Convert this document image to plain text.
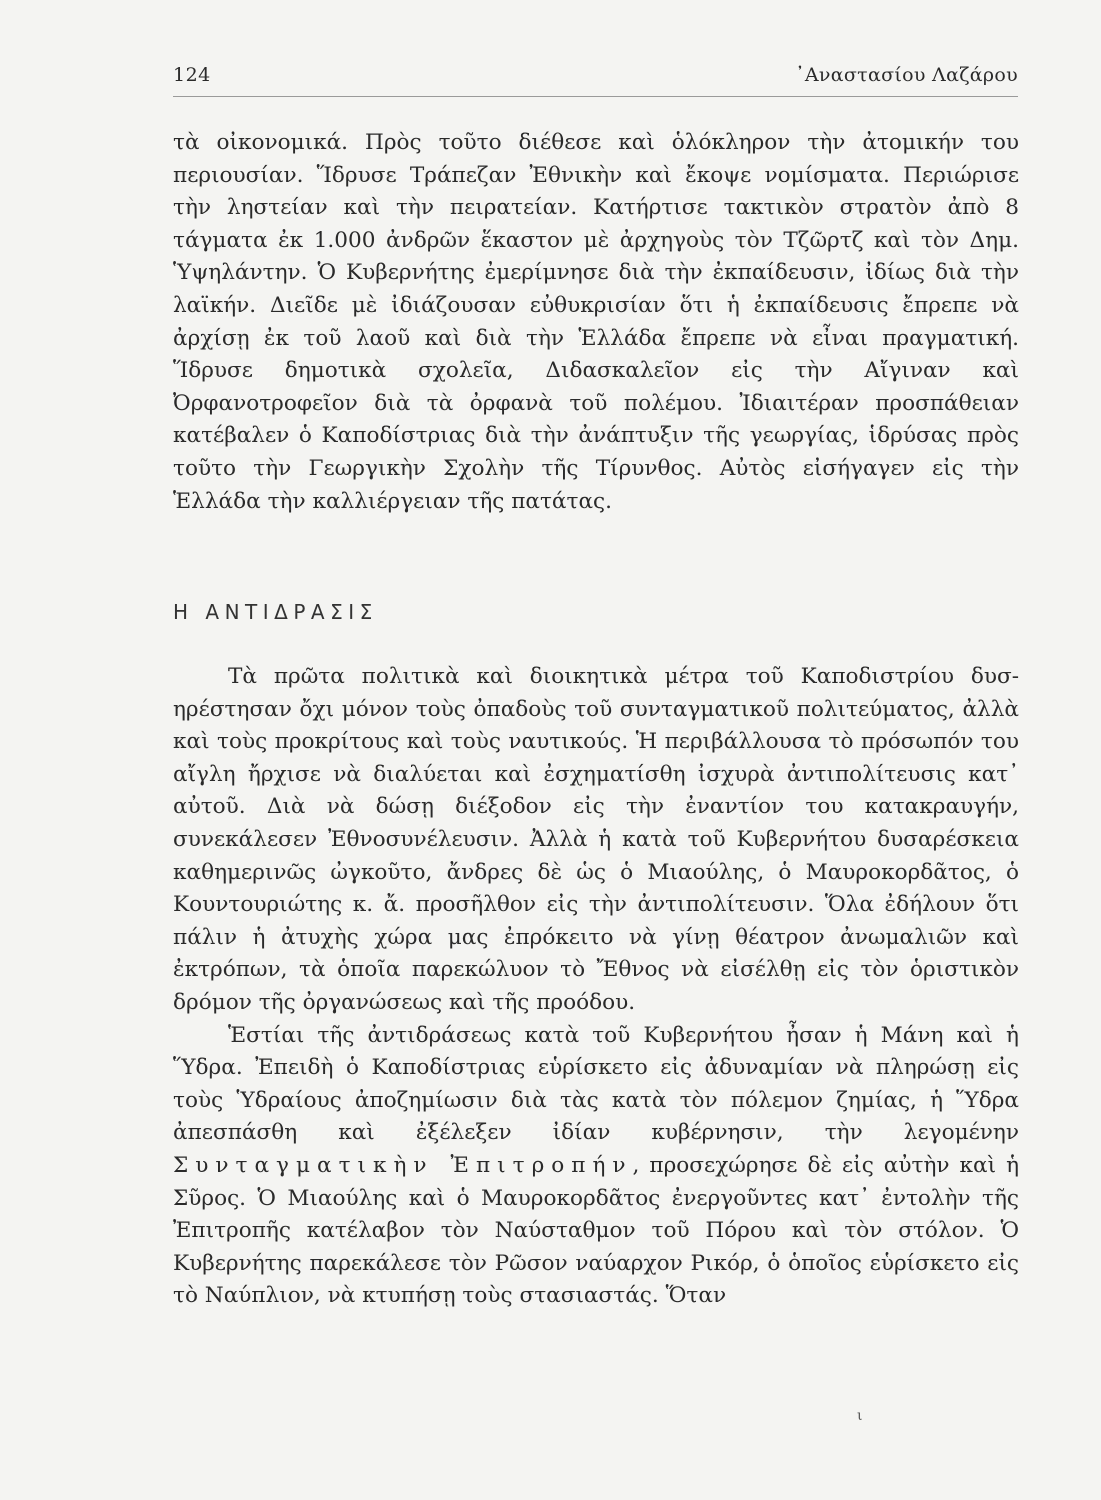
124	᾿Αναστασίου Λαζάρου

τὰ οἰκονομικά. Πρὸς τοῦτο διέθεσε καὶ ὁλόκληρον τὴν ἀτομικήν του περιουσίαν. Ἵδρυσε Τράπεζαν Ἐθνικὴν καὶ ἔκοψε νομίσματα. Περιώρισε τὴν ληστείαν καὶ τὴν πειρατείαν. Κατήρτισε τακτικὸν στρατὸν ἀπὸ 8 τάγματα ἐκ 1.000 ἀνδρῶν ἕκαστον μὲ ἀρχηγοὺς τὸν Τζῶρτζ καὶ τὸν Δημ. Ὑψηλάντην. Ὁ Κυβερνήτης ἐμερίμνησε διὰ τὴν ἐκπαίδευσιν, ἰδίως διὰ τὴν λαϊκήν. Διεῖδε μὲ ἰδιάζουσαν εὐθυκρισίαν ὅτι ἡ ἐκπαίδευσις ἔπρεπε νὰ ἀρχίσῃ ἐκ τοῦ λαοῦ καὶ διὰ τὴν Ἑλλάδα ἔπρεπε νὰ εἶναι πραγματική. Ἵδρυσε δημοτικὰ σχολεῖα, Διδασκαλεῖον εἰς τὴν Αἴγιναν καὶ Ὀρφανοτροφεῖον διὰ τὰ ὀρφανὰ τοῦ πολέμου. Ἰδιαιτέραν προσπάθειαν κατέβαλεν ὁ Καποδίστριας διὰ τὴν ἀνάπτυξιν τῆς γεωργίας, ἱδρύσας πρὸς τοῦτο τὴν Γεωργικὴν Σχολὴν τῆς Τίρυνθος. Αὐτὸς εἰσήγαγεν εἰς τὴν Ἑλλάδα τὴν καλλιέργειαν τῆς πατάτας.

Η ΑΝΤΙΔΡΑΣΙΣ

Τὰ πρῶτα πολιτικὰ καὶ διοικητικὰ μέτρα τοῦ Καποδιστρίου δυσηρέστησαν ὄχι μόνον τοὺς ὀπαδοὺς τοῦ συνταγματικοῦ πολιτεύματος, ἀλλὰ καὶ τοὺς προκρίτους καὶ τοὺς ναυτικούς. Ἡ περιβάλλουσα τὸ πρόσωπόν του αἴγλη ἤρχισε νὰ διαλύεται καὶ ἐσχηματίσθη ἰσχυρὰ ἀντιπολίτευσις κατ᾿ αὐτοῦ. Διὰ νὰ δώσῃ διέξοδον εἰς τὴν ἐναντίον του κατακραυγήν, συνεκάλεσεν Ἐθνοσυνέλευσιν. Ἀλλὰ ἡ κατὰ τοῦ Κυβερνήτου δυσαρέσκεια καθημερινῶς ὠγκοῦτο, ἄνδρες δὲ ὡς ὁ Μιαούλης, ὁ Μαυροκορδᾶτος, ὁ Κουντουριώτης κ. ἄ. προσῆλθον εἰς τὴν ἀντιπολίτευσιν. Ὅλα ἐδήλουν ὅτι πάλιν ἡ ἀτυχὴς χώρα μας ἐπρόκειτο νὰ γίνῃ θέατρον ἀνωμαλιῶν καὶ ἐκτρόπων, τὰ ὁποῖα παρεκώλυον τὸ Ἔθνος νὰ εἰσέλθῃ εἰς τὸν ὁριστικὸν δρόμον τῆς ὀργανώσεως καὶ τῆς προόδου.

Ἑστίαι τῆς ἀντιδράσεως κατὰ τοῦ Κυβερνήτου ἦσαν ἡ Μάνη καὶ ἡ Ὕδρα. Ἐπειδὴ ὁ Καποδίστριας εὑρίσκετο εἰς ἀδυναμίαν νὰ πληρώσῃ εἰς τοὺς Ὑδραίους ἀποζημίωσιν διὰ τὰς κατὰ τὸν πόλεμον ζημίας, ἡ Ὕδρα ἀπεσπάσθη καὶ ἐξέλεξεν ἰδίαν κυβέρνησιν, τὴν λεγομένην Συνταγματικὴν Ἐπιτροπήν, προσεχώρησε δὲ εἰς αὐτὴν καὶ ἡ Σῦρος. Ὁ Μιαούλης καὶ ὁ Μαυροκορδᾶτος ἐνεργοῦντες κατ᾿ ἐντολὴν τῆς Ἐπιτροπῆς κατέλαβον τὸν Ναύσταθμον τοῦ Πόρου καὶ τὸν στόλον. Ὁ Κυβερνήτης παρεκάλεσε τὸν Ρῶσον ναύαρχον Ρικόρ, ὁ ὁποῖος εὑρίσκετο εἰς τὸ Ναύπλιον, νὰ κτυπήσῃ τοὺς στασιαστάς. Ὅταν

ι
